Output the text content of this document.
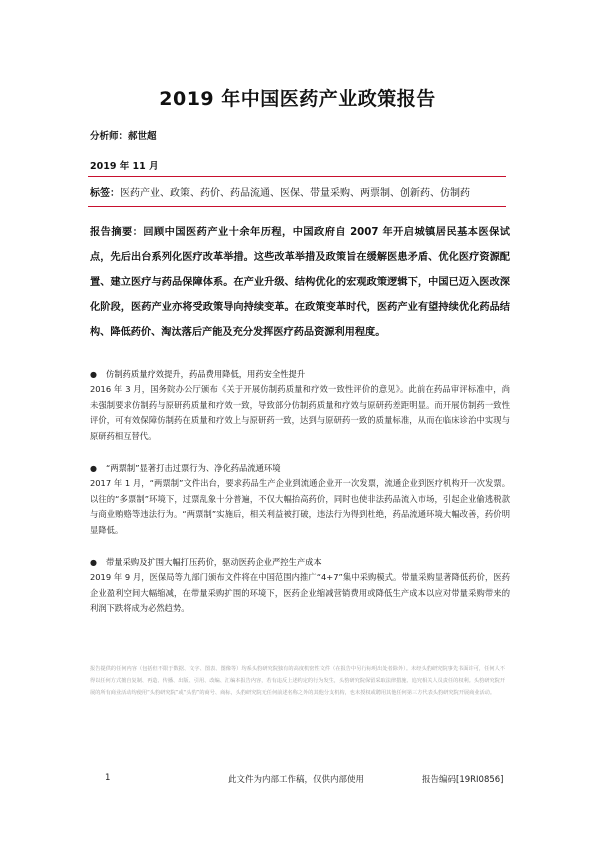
2019 年中国医药产业政策报告
分析师：郝世超
2019 年 11 月
标签：医药产业、政策、药价、药品流通、医保、带量采购、两票制、创新药、仿制药
报告摘要：回顾中国医药产业十余年历程，中国政府自 2007 年开启城镇居民基本医保试点，先后出台系列化医疗改革举措。这些改革举措及政策旨在缓解医患矛盾、优化医疗资源配置、建立医疗与药品保障体系。在产业升级、结构优化的宏观政策逻辑下，中国已迈入医改深化阶段，医药产业亦将受政策导向持续变革。在政策变革时代，医药产业有望持续优化药品结构、降低药价、淘汰落后产能及充分发挥医疗药品资源利用程度。
●	仿制药质量疗效提升，药品费用降低，用药安全性提升
2016 年 3 月，国务院办公厅颁布《关于开展仿制药质量和疗效一致性评价的意见》。此前在药品审评标准中，尚未强制要求仿制药与原研药质量和疗效一致，导致部分仿制药质量和疗效与原研药差距明显。而开展仿制药一致性评价，可有效保障仿制药在质量和疗效上与原研药一致，达到与原研药一致的质量标准，从而在临床诊治中实现与原研药相互替代。
●	“两票制”显著打击过票行为、净化药品流通环境
2017 年 1 月，“两票制”文件出台，要求药品生产企业到流通企业开一次发票，流通企业到医疗机构开一次发票。以往的“多票制”环境下，过票乱象十分普遍，不仅大幅抬高药价，同时也使非法药品流入市场，引起企业偷逃税款与商业贿赂等违法行为。“两票制”实施后，相关利益被打破，违法行为得到杜绝，药品流通环境大幅改善，药价明显降低。
●	带量采购及扩围大幅打压药价，驱动医药企业严控生产成本
2019 年 9 月，医保局等九部门颁布文件将在中国范围内推广“4+7”集中采购模式。带量采购显著降低药价，医药企业盈利空间大幅缩减，在带量采购扩围的环境下，医药企业缩减营销费用或降低生产成本以应对带量采购带来的利润下跌将成为必然趋势。
报告提供的任何内容（包括但不限于数据、文字、图表、图像等）均系头豹研究院独有的高度机密性文件（在报告中另行标明出处者除外）。未经头豹研究院事先书面许可，任何人不得以任何方式擅自复制、再造、传播、出版、引用、改编、汇编本报告内容，若有违反上述约定的行为发生，头豹研究院保留采取法律措施、追究相关人员责任的权利。头豹研究院开展的所有商业活动均使用“头豹研究院”或“头豹”的商号、商标，头豹研究院无任何前述名称之外的其他分支机构，也未授权或聘用其他任何第三方代表头豹研究院开展商业活动。
1	此文件为内部工作稿，仅供内部使用	报告编码[19RI0856]
